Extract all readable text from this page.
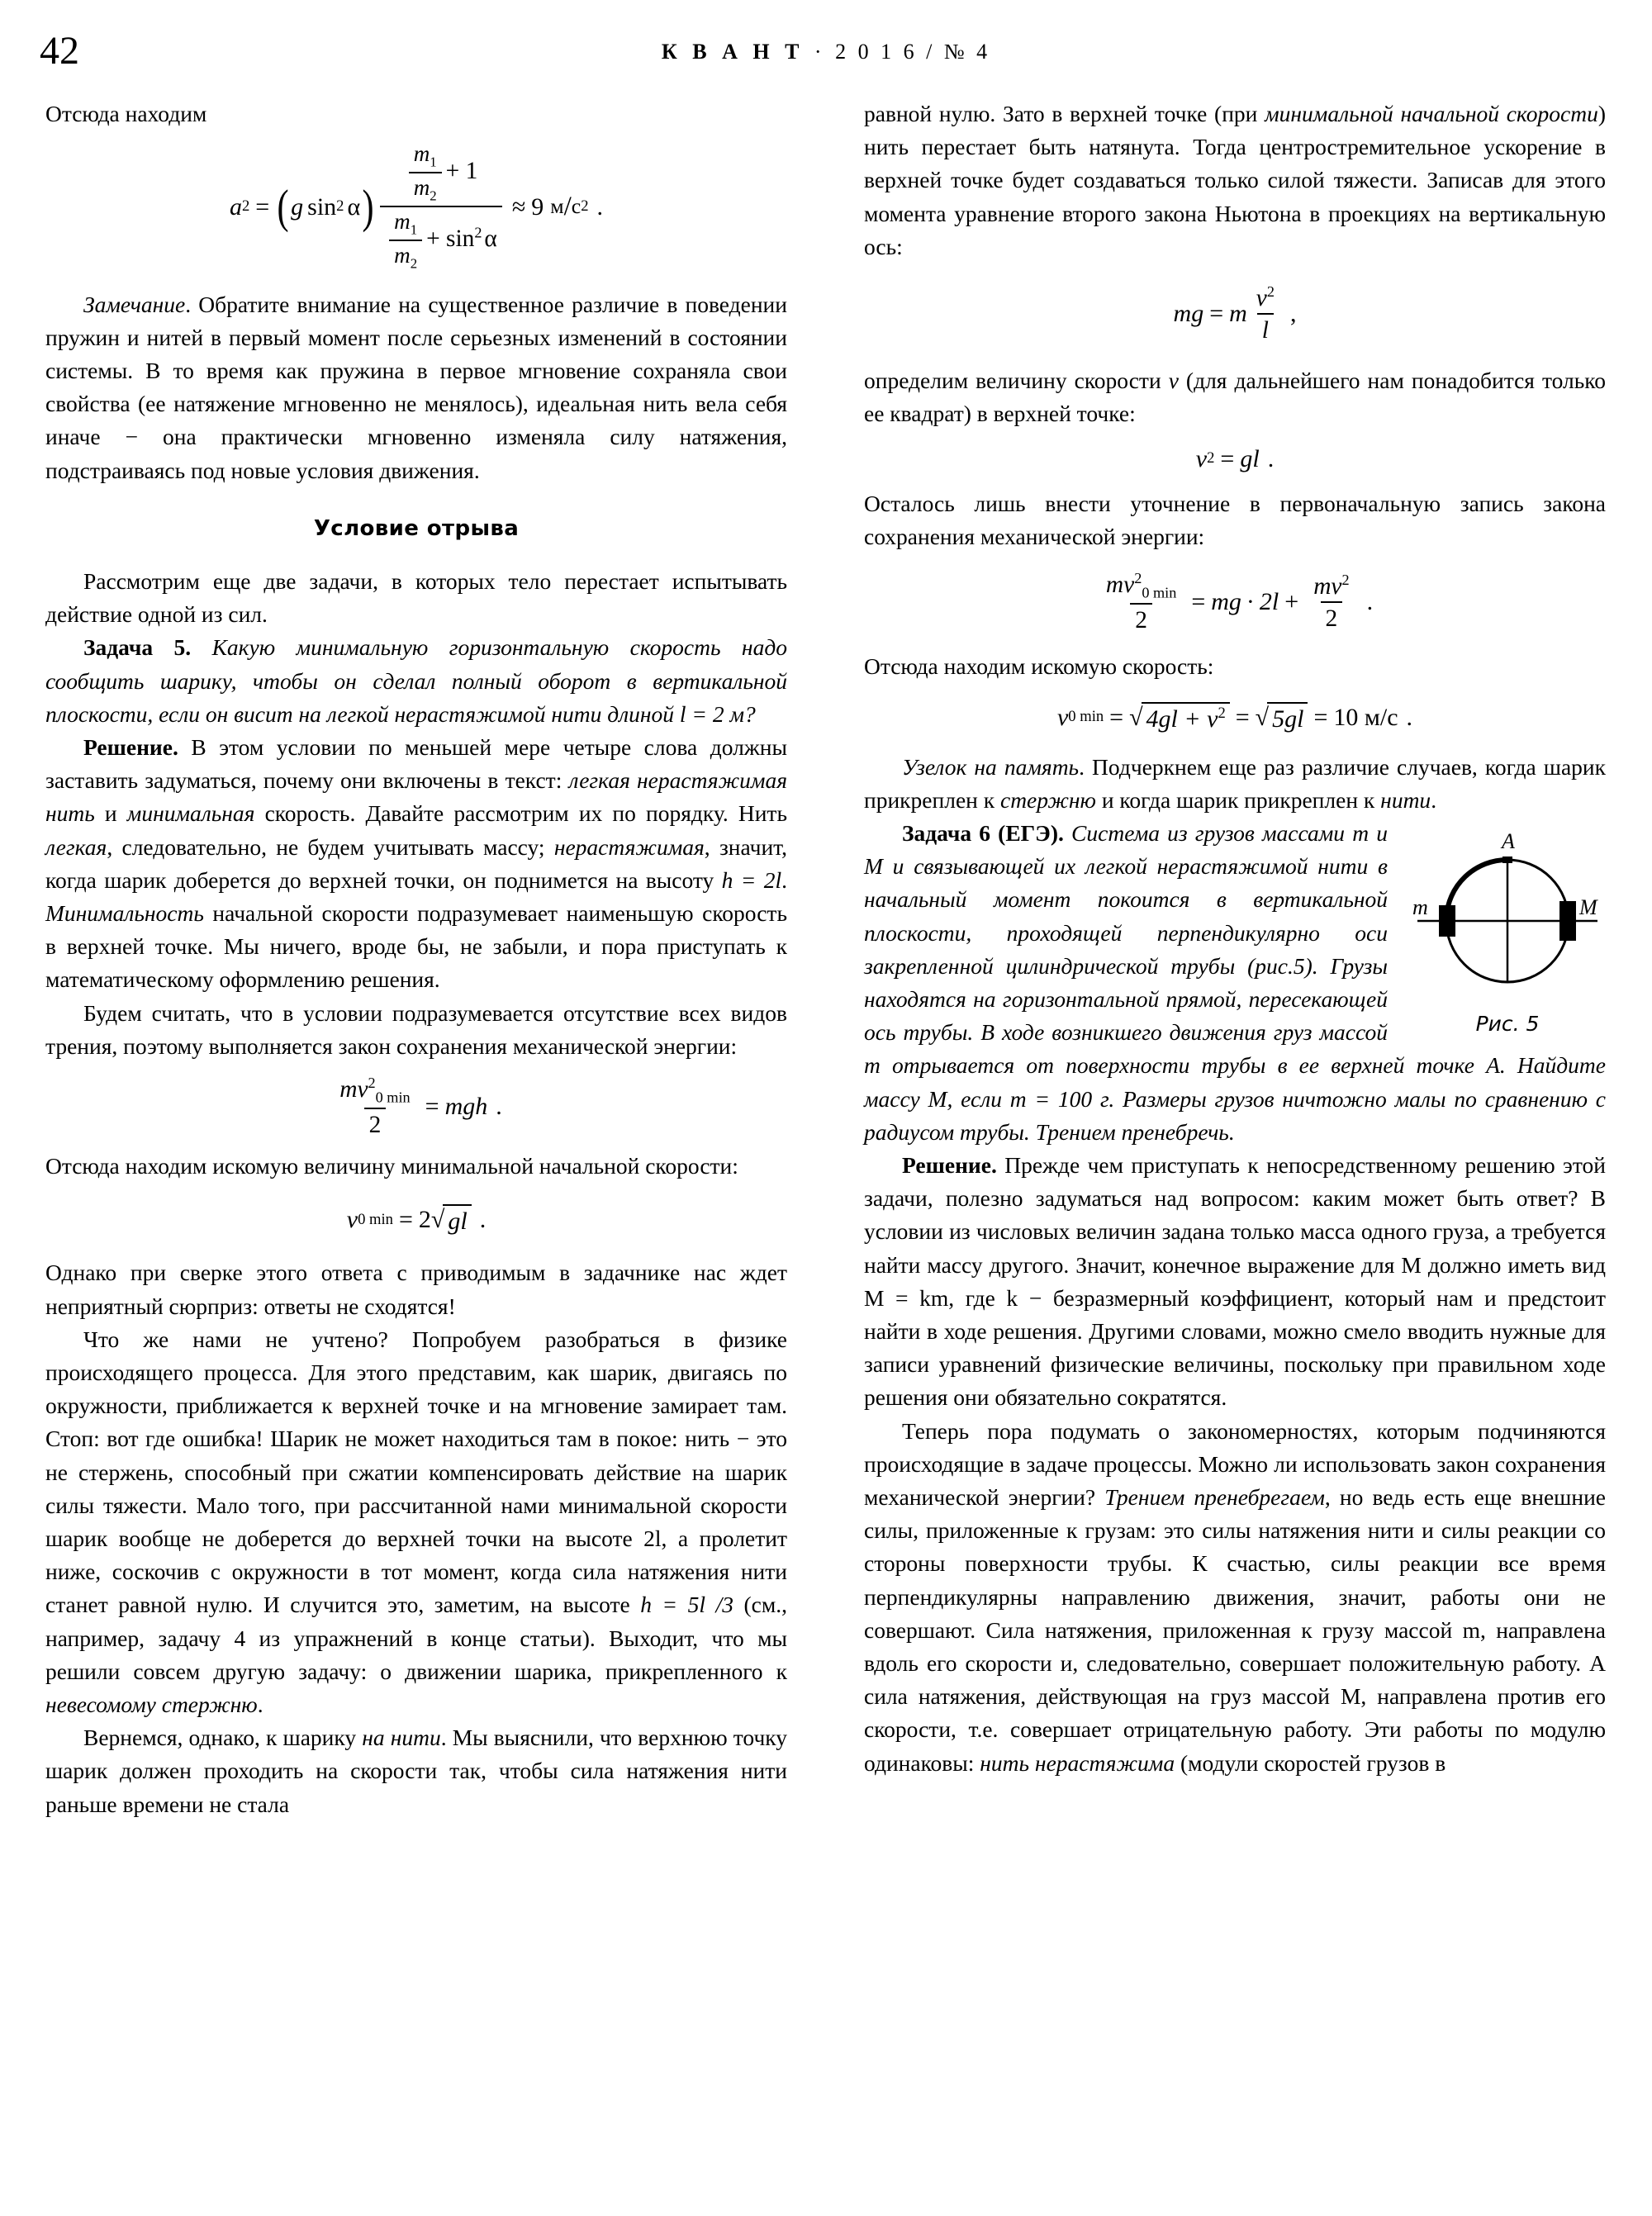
42	К В А Н Т · 2 0 1 6 / № 4

Отсюда находим

a 2 = ( g sin 2 α ) $\frac{\frac{m_1}{m_2} + 1}{\frac{m_1}{m_2} + \sin^2 \alpha} \approx 9$ м / с 2 .

Замечание. Обратите внимание на существенное различие в поведении пружин и нитей в первый момент после серьезных изменений в состоянии системы. В то время как пружина в первое мгновение сохраняла свои свойства (ее натяжение мгновенно не менялось), идеальная нить вела себя иначе − она практически мгновенно изменяла силу натяжения, подстраиваясь под новые условия движения.

Условие отрыва

Рассмотрим еще две задачи, в которых тело перестает испытывать действие одной из сил.

Задача 5. Какую минимальную горизонтальную скорость надо сообщить шарику, чтобы он сделал полный оборот в вертикальной плоскости, если он висит на легкой нерастяжимой нити длиной l = 2 м?

Решение. В этом условии по меньшей мере четыре слова должны заставить задуматься, почему они включены в текст: легкая нерастяжимая нить и минимальная скорость. Давайте рассмотрим их по порядку. Нить легкая, следовательно, не будем учитывать массу; нерастяжимая, значит, когда шарик доберется до верхней точки, он поднимется на высоту h = 2l. Минимальность начальной скорости подразумевает наименьшую скорость в верхней точке. Мы ничего, вроде бы, не забыли, и пора приступать к математическому оформлению решения.

Будем считать, что в условии подразумевается отсутствие всех видов трения, поэтому выполняется закон сохранения механической энергии:

$\frac{mv^2_{0 min}}{2}$ = mgh .

Отсюда находим искомую величину минимальной начальной скорости:

v 0 min = 2 √ gl .

Однако при сверке этого ответа с приводимым в задачнике нас ждет неприятный сюрприз: ответы не сходятся!

Что же нами не учтено? Попробуем разобраться в физике происходящего процесса. Для этого представим, как шарик, двигаясь по окружности, приближается к верхней точке и на мгновение замирает там. Стоп: вот где ошибка! Шарик не может находиться там в покое: нить − это не стержень, способный при сжатии компенсировать действие на шарик силы тяжести. Мало того, при рассчитанной нами минимальной скорости шарик вообще не доберется до верхней точки на высоте 2l, а пролетит ниже, соскочив с окружности в тот момент, когда сила натяжения нити станет равной нулю. И случится это, заметим, на высоте h = 5l /3 (см., например, задачу 4 из упражнений в конце статьи). Выходит, что мы решили совсем другую задачу: о движении шарика, прикрепленного к невесомому стержню.

Вернемся, однако, к шарику на нити. Мы выяснили, что верхнюю точку шарик должен проходить на скорости так, чтобы сила натяжения нити раньше времени не стала

равной нулю. Зато в верхней точке (при минимальной начальной скорости) нить перестает быть натянута. Тогда центростремительное ускорение в верхней точке будет создаваться только силой тяжести. Записав для этого момента уравнение второго закона Ньютона в проекциях на вертикальную ось:

mg = m $\frac{v^2}{l}$ ,

определим величину скорости v (для дальнейшего нам понадобится только ее квадрат) в верхней точке:

v 2 = gl .

Осталось лишь внести уточнение в первоначальную запись закона сохранения механической энергии:

$\frac{mv^2_{0 min}}{2}$ = mg · $2l + \frac{mv^2}{2}$ .

Отсюда находим искомую скорость:

v 0 min = √ $4gl + v^2$ = √ 5gl = 10 м/с .

Узелок на память. Подчеркнем еще раз различие случаев, когда шарик прикреплен к стержню и когда шарик прикреплен к нити.

A
m	M
Рис. 5

Задача 6 (ЕГЭ). Система из грузов массами m и M и связывающей их легкой нерастяжимой нити в начальный момент покоится в вертикальной плоскости, проходящей перпендикулярно оси закрепленной цилиндрической трубы (рис.5). Грузы находятся на горизонтальной прямой, пересекающей ось трубы. В ходе возникшего движения груз массой m отрывается от поверхности трубы в ее верхней точке A. Найдите массу M, если m = 100 г. Размеры грузов ничтожно малы по сравнению с радиусом трубы. Трением пренебречь.

Решение. Прежде чем приступать к непосредственному решению этой задачи, полезно задуматься над вопросом: каким может быть ответ? В условии из числовых величин задана только масса одного груза, а требуется найти массу другого. Значит, конечное выражение для M должно иметь вид M = km, где k − безразмерный коэффициент, который нам и предстоит найти в ходе решения. Другими словами, можно смело вводить нужные для записи уравнений физические величины, поскольку при правильном ходе решения они обязательно сократятся.

Теперь пора подумать о закономерностях, которым подчиняются происходящие в задаче процессы. Можно ли использовать закон сохранения механической энергии? Трением пренебрегаем, но ведь есть еще внешние силы, приложенные к грузам: это силы натяжения нити и силы реакции со стороны поверхности трубы. К счастью, силы реакции все время перпендикулярны направлению движения, значит, работы они не совершают. Сила натяжения, приложенная к грузу массой m, направлена вдоль его скорости и, следовательно, совершает положительную работу. А сила натяжения, действующая на груз массой M, направлена против его скорости, т.е. совершает отрицательную работу. Эти работы по модулю одинаковы: нить нерастяжима (модули скоростей грузов в
